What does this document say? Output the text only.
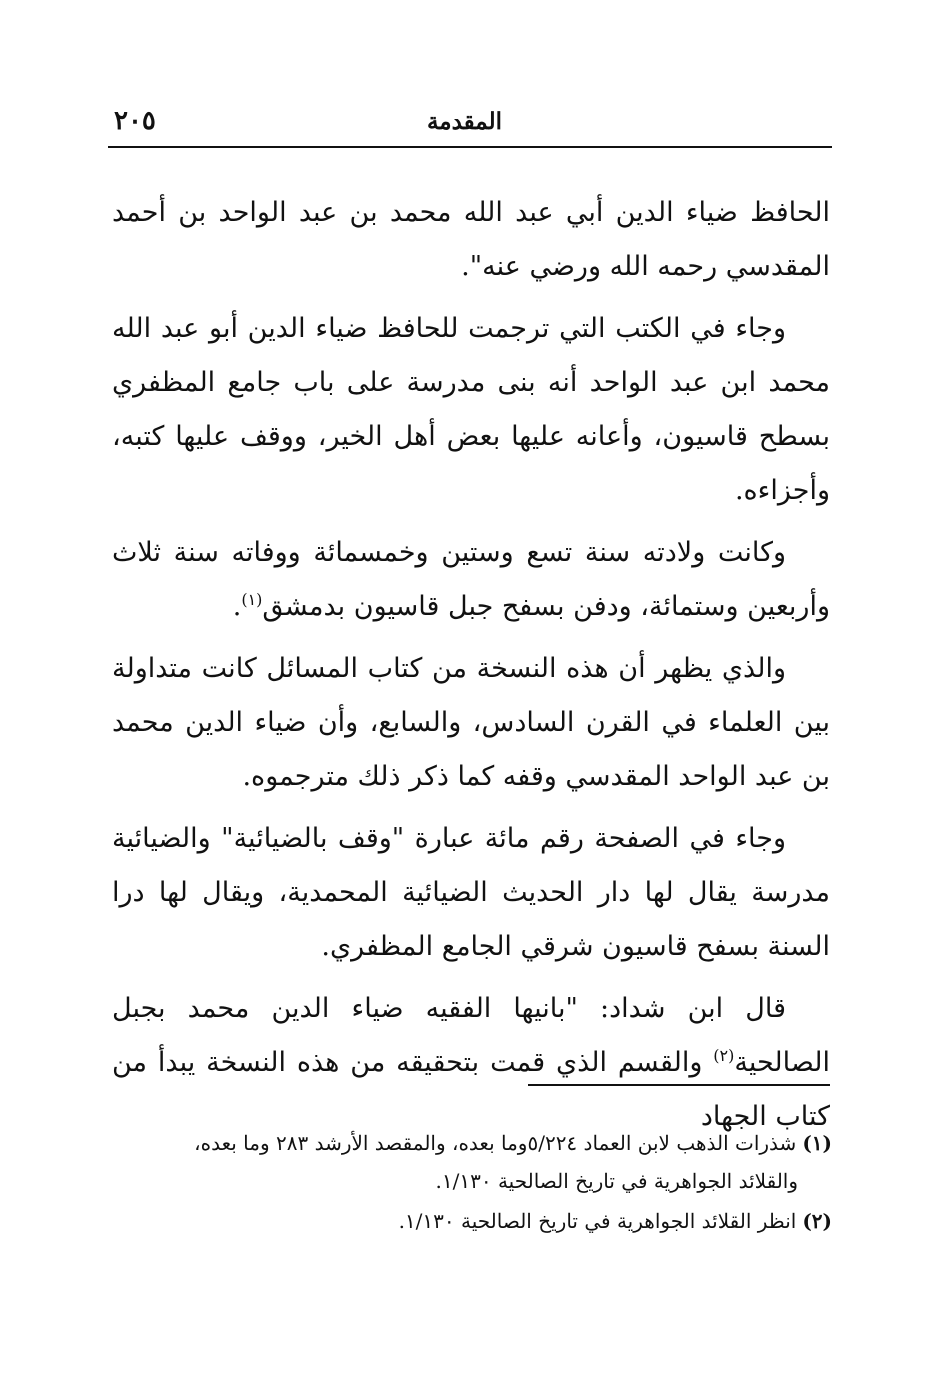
المقدمة
٢٠٥

الحافظ ضياء الدين أبي عبد الله محمد بن عبد الواحد بن أحمد المقدسي رحمه الله ورضي عنه".

وجاء في الكتب التي ترجمت للحافظ ضياء الدين أبو عبد الله محمد ابن عبد الواحد أنه بنى مدرسة على باب جامع المظفري بسطح قاسيون، وأعانه عليها بعض أهل الخير، ووقف عليها كتبه، وأجزاءه.

وكانت ولادته سنة تسع وستين وخمسمائة ووفاته سنة ثلاث وأربعين وستمائة، ودفن بسفح جبل قاسيون بدمشق$^{(١)}$.

والذي يظهر أن هذه النسخة من كتاب المسائل كانت متداولة بين العلماء في القرن السادس، والسابع، وأن ضياء الدين محمد بن عبد الواحد المقدسي وقفه كما ذكر ذلك مترجموه.

وجاء في الصفحة رقم مائة عبارة "وقف بالضيائية" والضيائية مدرسة يقال لها دار الحديث الضيائية المحمدية، ويقال لها درا السنة بسفح قاسيون شرقي الجامع المظفري.

قال ابن شداد: "بانيها الفقيه ضياء الدين محمد بجبل الصالحية$^{(٢)}$ والقسم الذي قمت بتحقيقه من هذه النسخة يبدأ من كتاب الجهاد

(١)شذرات الذهب لابن العماد ٥/٢٢٤وما بعده، والمقصد الأرشد ٢٨٣ وما بعده،
والقلائد الجواهرية في تاريخ الصالحية ١/١٣٠.
(٢)انظر القلائد الجواهرية في تاريخ الصالحية ١/١٣٠.
